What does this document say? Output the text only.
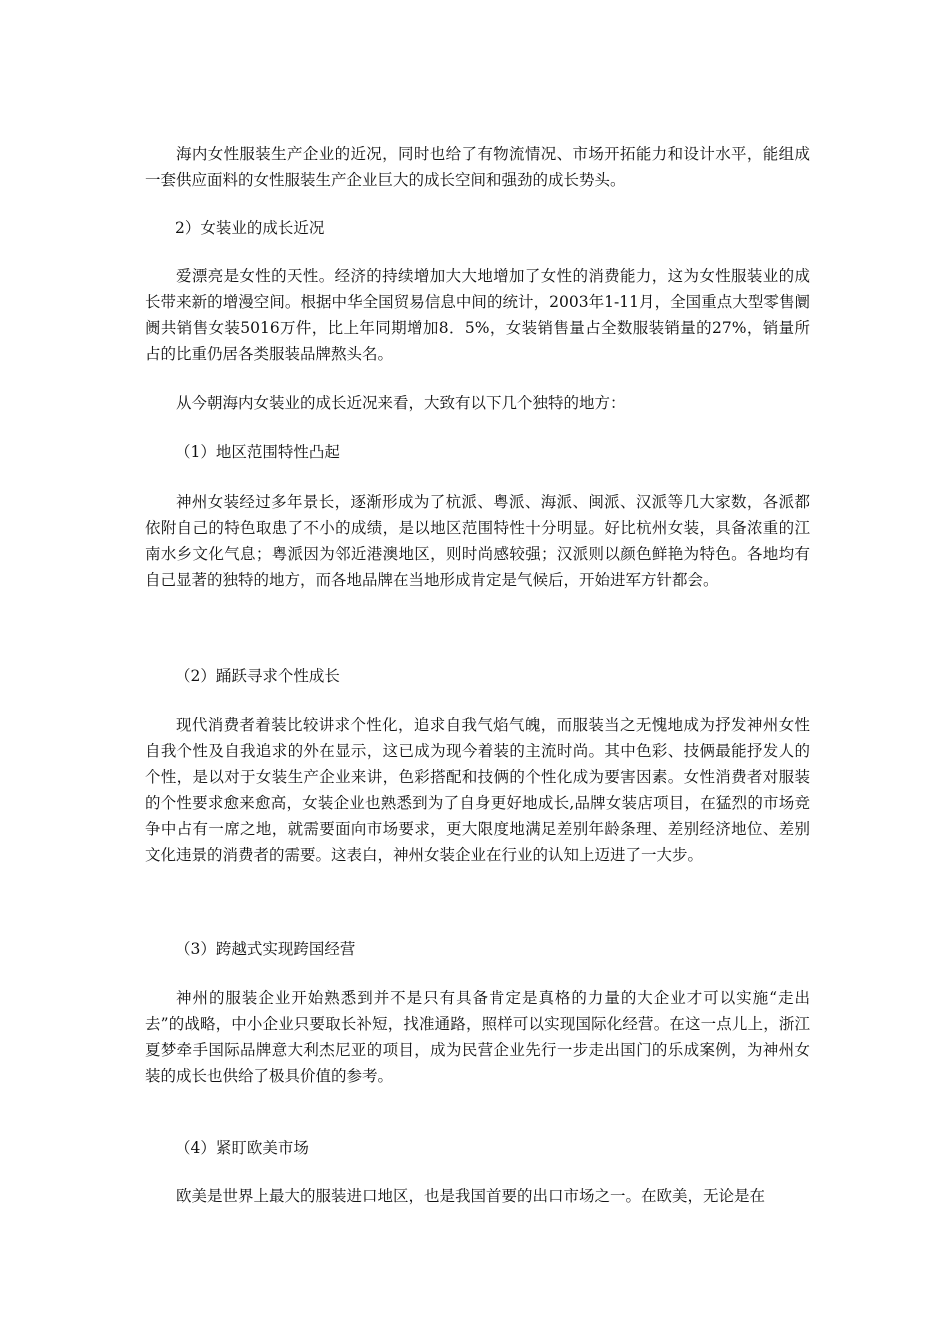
海内女性服装生产企业的近况，同时也给了有物流情况、市场开拓能力和设计水平，能组成一套供应面料的女性服装生产企业巨大的成长空间和强劲的成长势头。

2）女装业的成长近况

爱漂亮是女性的天性。经济的持续增加大大地增加了女性的消费能力，这为女性服装业的成长带来新的增漫空间。根据中华全国贸易信息中间的统计，2003年1-11月，全国重点大型零售阛阓共销售女装5016万件，比上年同期增加8．5%，女装销售量占全数服装销量的27%，销量所占的比重仍居各类服装品牌熬头名。

从今朝海内女装业的成长近况来看，大致有以下几个独特的地方：

（1）地区范围特性凸起

神州女装经过多年景长，逐渐形成为了杭派、粤派、海派、闽派、汉派等几大家数，各派都依附自己的特色取患了不小的成绩，是以地区范围特性十分明显。好比杭州女装，具备浓重的江南水乡文化气息；粤派因为邻近港澳地区，则时尚感较强；汉派则以颜色鲜艳为特色。各地均有自己显著的独特的地方，而各地品牌在当地形成肯定是气候后，开始进军方针都会。

（2）踊跃寻求个性成长

现代消费者着装比较讲求个性化，追求自我气焰气魄，而服装当之无愧地成为抒发神州女性自我个性及自我追求的外在显示，这已成为现今着装的主流时尚。其中色彩、技俩最能抒发人的个性，是以对于女装生产企业来讲，色彩搭配和技俩的个性化成为要害因素。女性消费者对服装的个性要求愈来愈高，女装企业也熟悉到为了自身更好地成长,品牌女装店项目，在猛烈的市场竞争中占有一席之地，就需要面向市场要求，更大限度地满足差别年龄条理、差别经济地位、差别文化违景的消费者的需要。这表白，神州女装企业在行业的认知上迈进了一大步。

（3）跨越式实现跨国经营

神州的服装企业开始熟悉到并不是只有具备肯定是真格的力量的大企业才可以实施“走出去”的战略，中小企业只要取长补短，找准通路，照样可以实现国际化经营。在这一点儿上，浙江夏梦牵手国际品牌意大利杰尼亚的项目，成为民营企业先行一步走出国门的乐成案例，为神州女装的成长也供给了极具价值的参考。

（4）紧盯欧美市场

欧美是世界上最大的服装进口地区，也是我国首要的出口市场之一。在欧美，无论是在
